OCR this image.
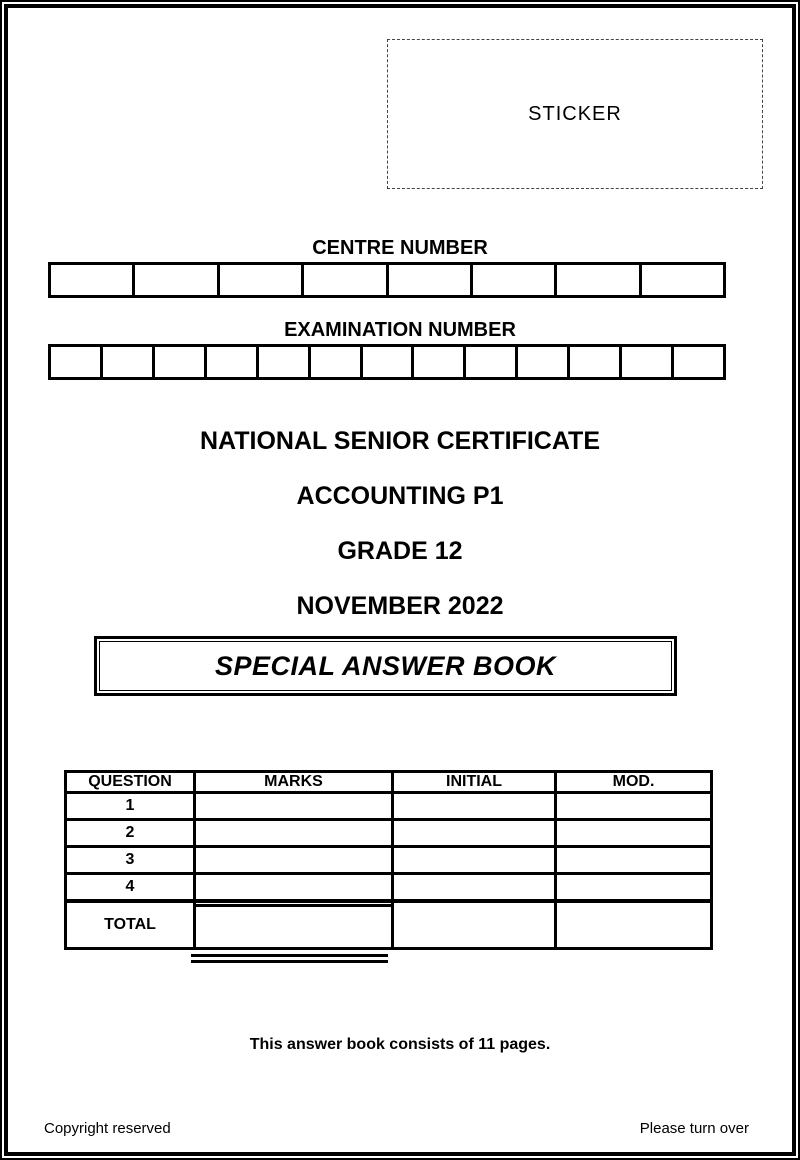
STICKER
CENTRE NUMBER
EXAMINATION NUMBER
NATIONAL SENIOR CERTIFICATE
ACCOUNTING P1
GRADE 12
NOVEMBER 2022
SPECIAL ANSWER BOOK
QUESTION	MARKS	INITIAL	MOD.
1
2
3
4
TOTAL
This answer book consists of 11 pages.
Copyright reserved	Please turn over
